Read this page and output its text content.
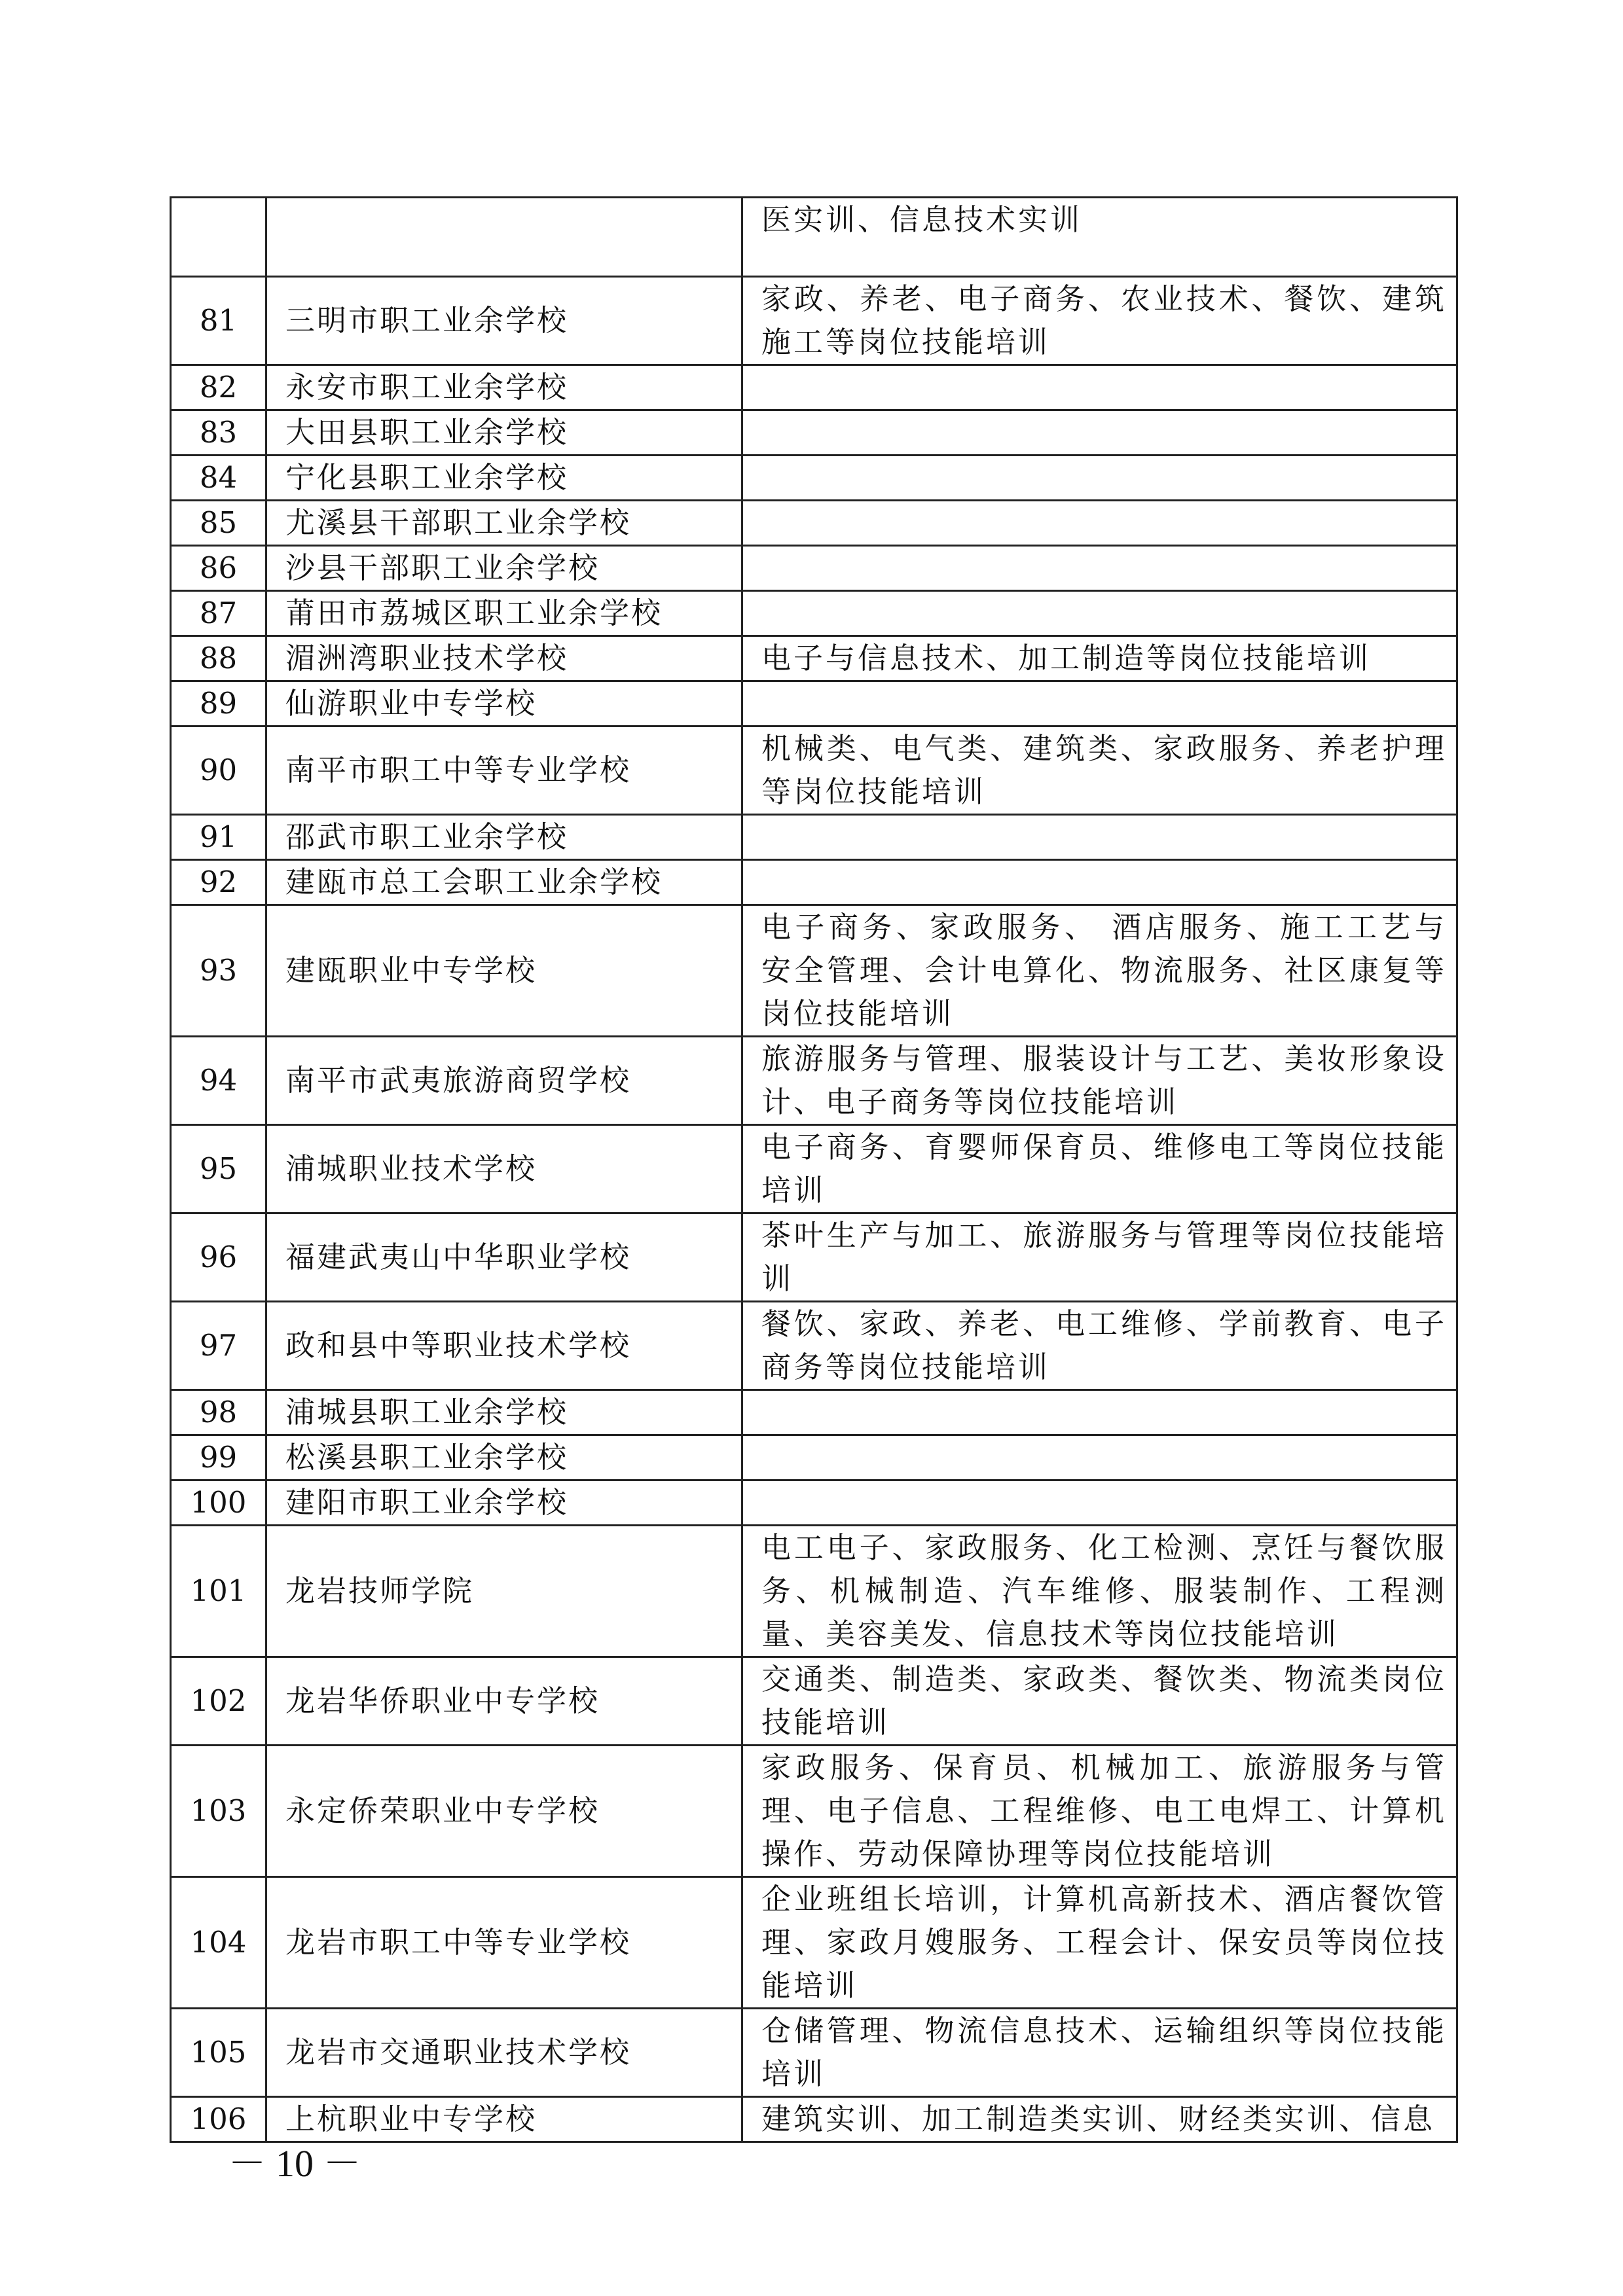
		医实训、信息技术实训
81	三明市职工业余学校	家政、养老、电子商务、农业技术、餐饮、建筑施工等岗位技能培训
82	永安市职工业余学校	
83	大田县职工业余学校	
84	宁化县职工业余学校	
85	尤溪县干部职工业余学校	
86	沙县干部职工业余学校	
87	莆田市荔城区职工业余学校	
88	湄洲湾职业技术学校	电子与信息技术、加工制造等岗位技能培训
89	仙游职业中专学校	
90	南平市职工中等专业学校	机械类、电气类、建筑类、家政服务、养老护理等岗位技能培训
91	邵武市职工业余学校	
92	建瓯市总工会职工业余学校	
93	建瓯职业中专学校	电子商务、家政服务、 酒店服务、施工工艺与安全管理、会计电算化、物流服务、社区康复等岗位技能培训
94	南平市武夷旅游商贸学校	旅游服务与管理、服装设计与工艺、美妆形象设计、电子商务等岗位技能培训
95	浦城职业技术学校	电子商务、育婴师保育员、维修电工等岗位技能培训
96	福建武夷山中华职业学校	茶叶生产与加工、旅游服务与管理等岗位技能培训
97	政和县中等职业技术学校	餐饮、家政、养老、电工维修、学前教育、电子商务等岗位技能培训
98	浦城县职工业余学校	
99	松溪县职工业余学校	
100	建阳市职工业余学校	
101	龙岩技师学院	电工电子、家政服务、化工检测、烹饪与餐饮服务、机械制造、汽车维修、服装制作、工程测量、美容美发、信息技术等岗位技能培训
102	龙岩华侨职业中专学校	交通类、制造类、家政类、餐饮类、物流类岗位技能培训
103	永定侨荣职业中专学校	家政服务、保育员、机械加工、旅游服务与管理、电子信息、工程维修、电工电焊工、计算机操作、劳动保障协理等岗位技能培训
104	龙岩市职工中等专业学校	企业班组长培训，计算机高新技术、酒店餐饮管理、家政月嫂服务、工程会计、保安员等岗位技能培训
105	龙岩市交通职业技术学校	仓储管理、物流信息技术、运输组织等岗位技能培训
106	上杭职业中专学校	建筑实训、加工制造类实训、财经类实训、信息
－ 10 －
